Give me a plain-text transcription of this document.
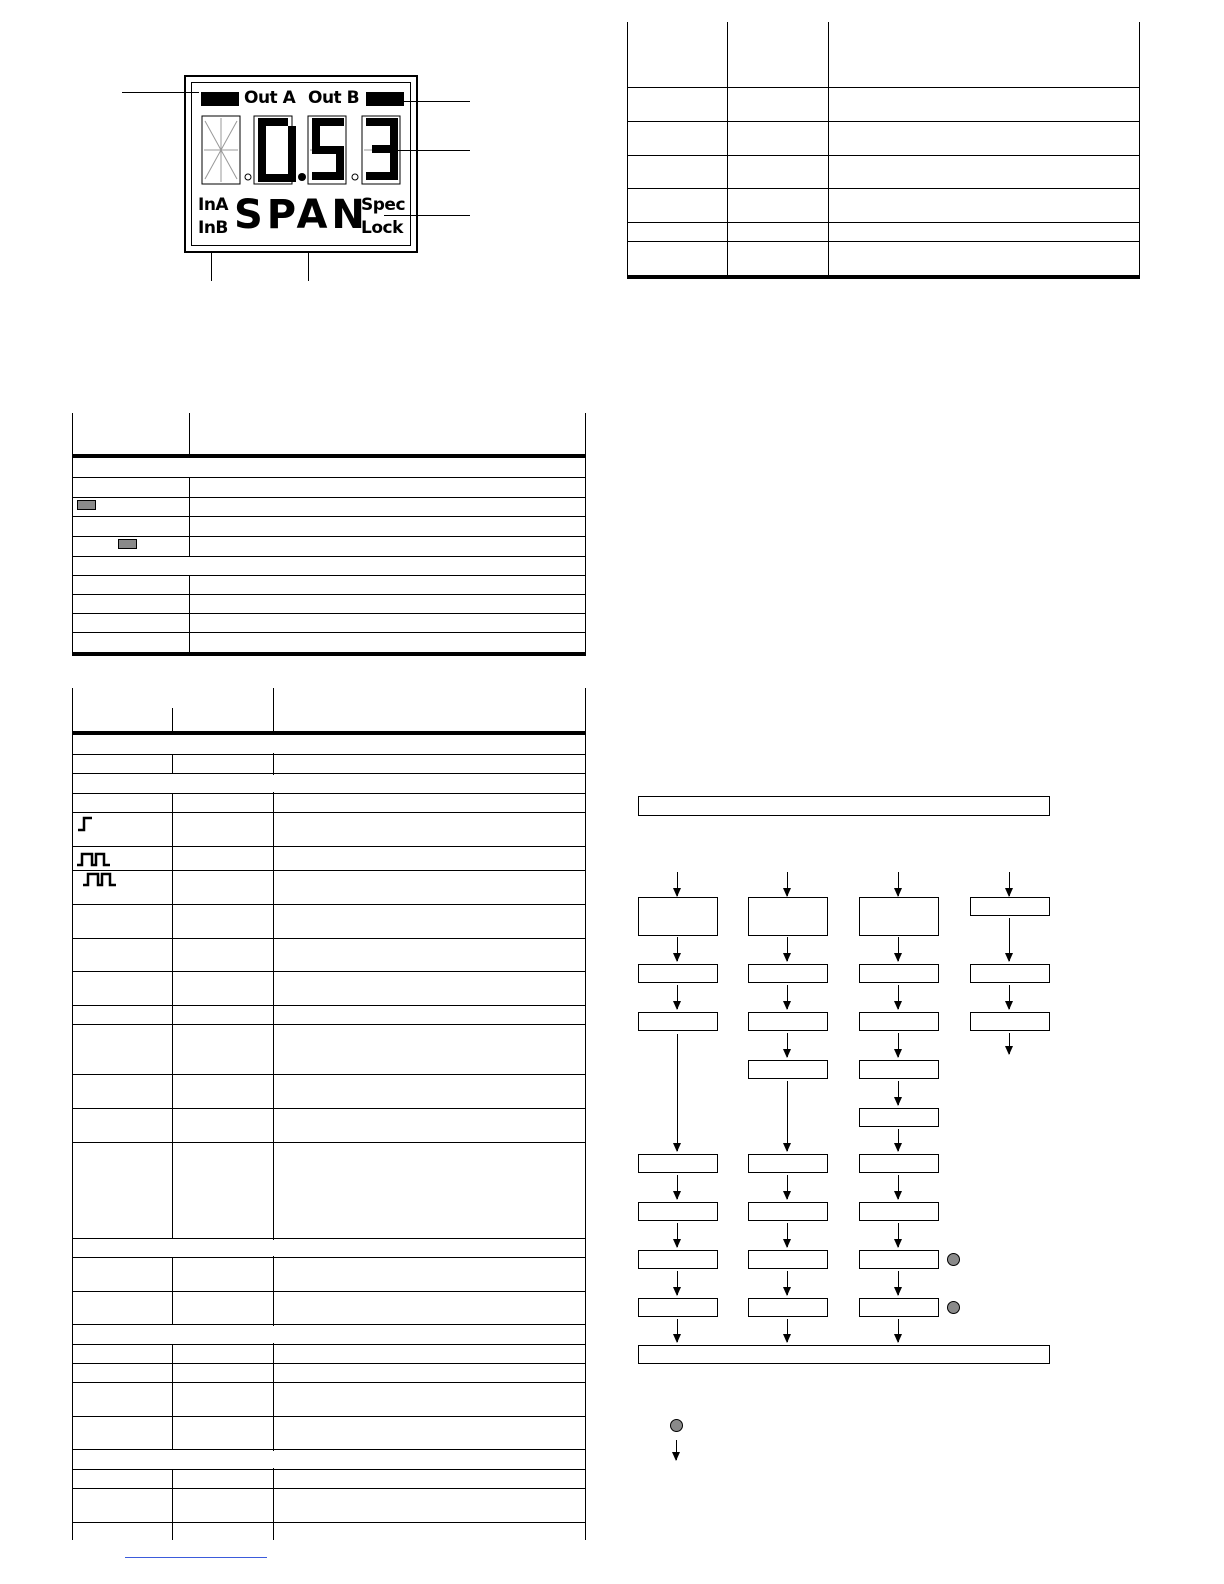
Out A Out B
InA
InB SPAN
Spec
Lock
